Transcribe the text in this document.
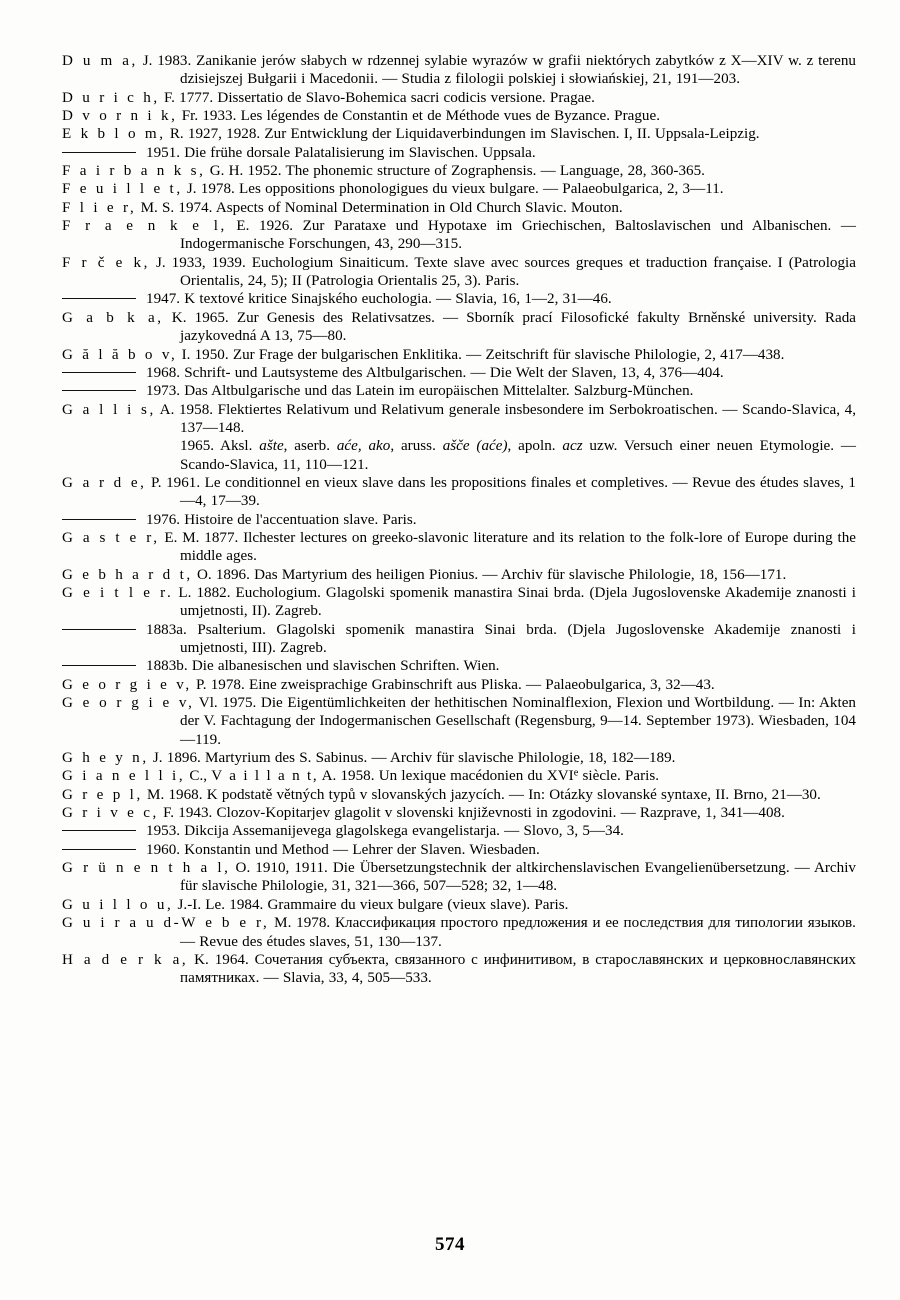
D u m a, J. 1983. Zanikanie jerów słabych w rdzennej sylabie wyrazów w grafii niektórych zabytków z X—XIV w. z terenu dzisiejszej Bułgarii i Macedonii. — Studia z filologii polskiej i słowiańskiej, 21, 191—203.

D u r i c h, F. 1777. Dissertatio de Slavo-Bohemica sacri codicis versione. Pragae.

D v o r n i k, Fr. 1933. Les légendes de Constantin et de Méthode vues de Byzance. Prague.

E k b l o m, R. 1927, 1928. Zur Entwicklung der Liquidaverbindungen im Slavischen. I, II. Uppsala-Leipzig.

1951. Die frühe dorsale Palatalisierung im Slavischen. Uppsala.

F a i r b a n k s, G. H. 1952. The phonemic structure of Zographensis. — Language, 28, 360-365.

F e u i l l e t, J. 1978. Les oppositions phonologigues du vieux bulgare. — Palaeobulgarica, 2, 3—11.

F l i e r, M. S. 1974. Aspects of Nominal Determination in Old Church Slavic. Mouton.

F r a e n k e l, E. 1926. Zur Parataxe und Hypotaxe im Griechischen, Baltoslavischen und Albanischen. — Indogermanische Forschungen, 43, 290—315.

F r č e k, J. 1933, 1939. Euchologium Sinaiticum. Texte slave avec sources greques et traduction française. I (Patrologia Orientalis, 24, 5); II (Patrologia Orientalis 25, 3). Paris.

1947. K textové kritice Sinajského euchologia. — Slavia, 16, 1—2, 31—46.

G a b k a, K. 1965. Zur Genesis des Relativsatzes. — Sborník prací Filosofické fakulty Brněnské university. Rada jazykovedná A 13, 75—80.

G ă l ă b o v, I. 1950. Zur Frage der bulgarischen Enklitika. — Zeitschrift für slavische Philologie, 2, 417—438.

1968. Schrift- und Lautsysteme des Altbulgarischen. — Die Welt der Slaven, 13, 4, 376—404.

1973. Das Altbulgarische und das Latein im europäischen Mittelalter. Salzburg-München.

G a l l i s, A. 1958. Flektiertes Relativum und Relativum generale insbesondere im Serbokroatischen. — Scando-Slavica, 4, 137—148.

1965. Aksl. ašte, aserb. aće, ako, aruss. ašče (aće), apoln. acz uzw. Versuch einer neuen Etymologie. — Scando-Slavica, 11, 110—121.

G a r d e, P. 1961. Le conditionnel en vieux slave dans les propositions finales et completives. — Revue des études slaves, 1—4, 17—39.

1976. Histoire de l'accentuation slave. Paris.

G a s t e r, E. M. 1877. Ilchester lectures on greeko-slavonic literature and its relation to the folk-lore of Europe during the middle ages.

G e b h a r d t, O. 1896. Das Martyrium des heiligen Pionius. — Archiv für slavische Philologie, 18, 156—171.

G e i t l e r. L. 1882. Euchologium. Glagolski spomenik manastira Sinai brda. (Djela Jugoslovenske Akademije znanosti i umjetnosti, II). Zagreb.

1883a. Psalterium. Glagolski spomenik manastira Sinai brda. (Djela Jugoslovenske Akademije znanosti i umjetnosti, III). Zagreb.

1883b. Die albanesischen und slavischen Schriften. Wien.

G e o r g i e v, P. 1978. Eine zweisprachige Grabinschrift aus Pliska. — Palaeobulgarica, 3, 32—43.

G e o r g i e v, Vl. 1975. Die Eigentümlichkeiten der hethitischen Nominalflexion, Flexion und Wortbildung. — In: Akten der V. Fachtagung der Indogermanischen Gesellschaft (Regensburg, 9—14. September 1973). Wiesbaden, 104—119.

G h e y n, J. 1896. Martyrium des S. Sabinus. — Archiv für slavische Philologie, 18, 182—189.

G i a n e l l i, C., V a i l l a n t, A. 1958. Un lexique macédonien du XVIe siècle. Paris.

G r e p l, M. 1968. K podstatě větných typů v slovanských jazycích. — In: Otázky slovanské syntaxe, II. Brno, 21—30.

G r i v e c, F. 1943. Clozov-Kopitarjev glagolit v slovenski književnosti in zgodovini. — Razprave, 1, 341—408.

1953. Dikcija Assemanijevega glagolskega evangelistarja. — Slovo, 3, 5—34.

1960. Konstantin und Method — Lehrer der Slaven. Wiesbaden.

G r ü n e n t h a l, O. 1910, 1911. Die Übersetzungstechnik der altkirchenslavischen Evangelienübersetzung. — Archiv für slavische Philologie, 31, 321—366, 507—528; 32, 1—48.

G u i l l o u, J.-I. Le. 1984. Grammaire du vieux bulgare (vieux slave). Paris.

G u i r a u d-W e b e r, M. 1978. Классификация простого предложения и ее последствия для типологии языков. — Revue des études slaves, 51, 130—137.

H a d e r k a, K. 1964. Сочетания субъекта, связанного с инфинитивом, в старославянских и церковнославянских памятниках. — Slavia, 33, 4, 505—533.

574
